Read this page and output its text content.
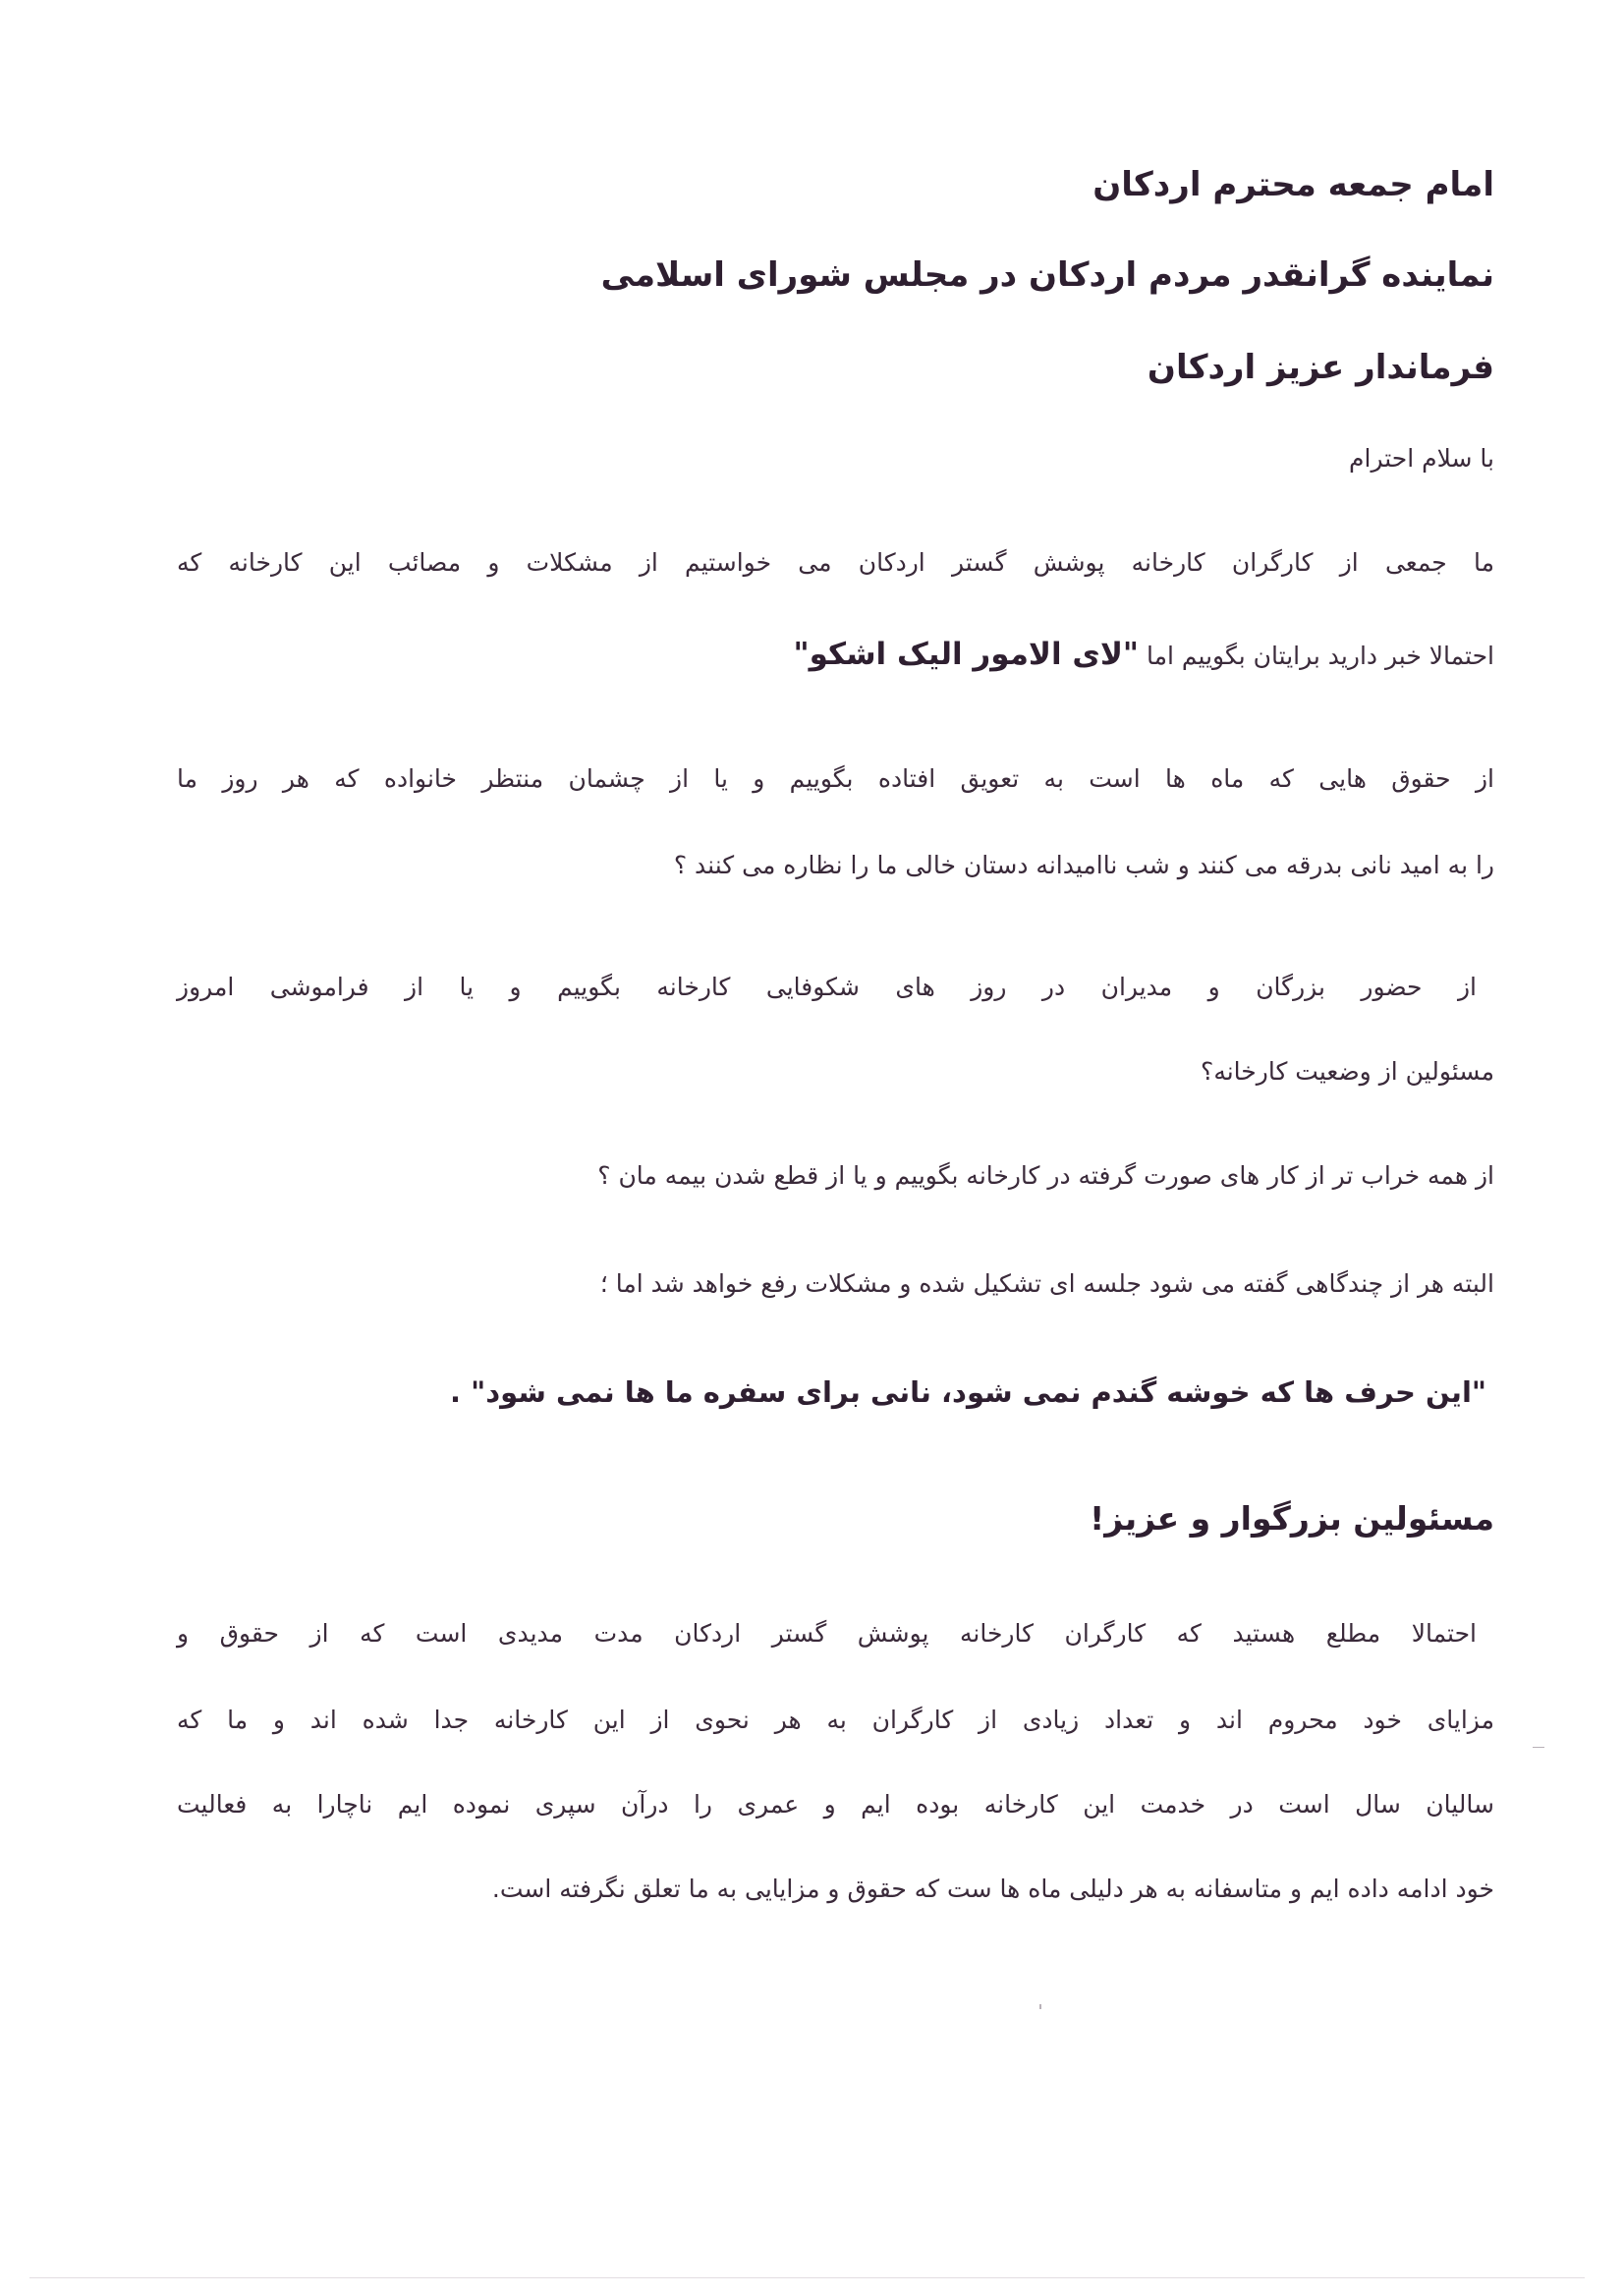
امام جمعه محترم اردکان
نماینده گرانقدر مردم اردکان در مجلس شورای اسلامی
فرماندار عزیز اردکان
با سلام احترام
ما جمعی از کارگران کارخانه پوشش گستر اردکان می خواستیم از مشکلات و مصائب این کارخانه که
احتمالا خبر دارید برایتان بگوییم اما "لای الامور الیک اشکو"
از حقوق هایی که ماه ها است به تعویق افتاده بگوییم و یا از چشمان منتظر خانواده که هر روز ما
را به امید نانی بدرقه می کنند و شب ناامیدانه دستان خالی ما را نظاره می کنند ؟
از حضور بزرگان و مدیران در روز های شکوفایی کارخانه بگوییم و یا از فراموشی امروز
مسئولین از وضعیت کارخانه؟
از همه خراب تر از کار های صورت گرفته در کارخانه بگوییم و یا از قطع شدن بیمه مان ؟
البته هر از چندگاهی گفته می شود جلسه ای تشکیل شده و مشکلات رفع خواهد شد اما ؛
"این حرف ها که خوشه گندم نمی شود، نانی برای سفره ما ها نمی شود" .
مسئولین بزرگوار و عزیز!
احتمالا مطلع هستید که کارگران کارخانه پوشش گستر اردکان مدت مدیدی است که از حقوق و
مزایای خود محروم اند و تعداد زیادی از کارگران به هر نحوی از این کارخانه جدا شده اند و ما که
سالیان سال است در خدمت این کارخانه بوده ایم و عمری را درآن سپری نموده ایم ناچارا به فعالیت
خود ادامه داده ایم و متاسفانه به هر دلیلی ماه ها ست که حقوق و مزایایی به ما تعلق نگرفته است.
